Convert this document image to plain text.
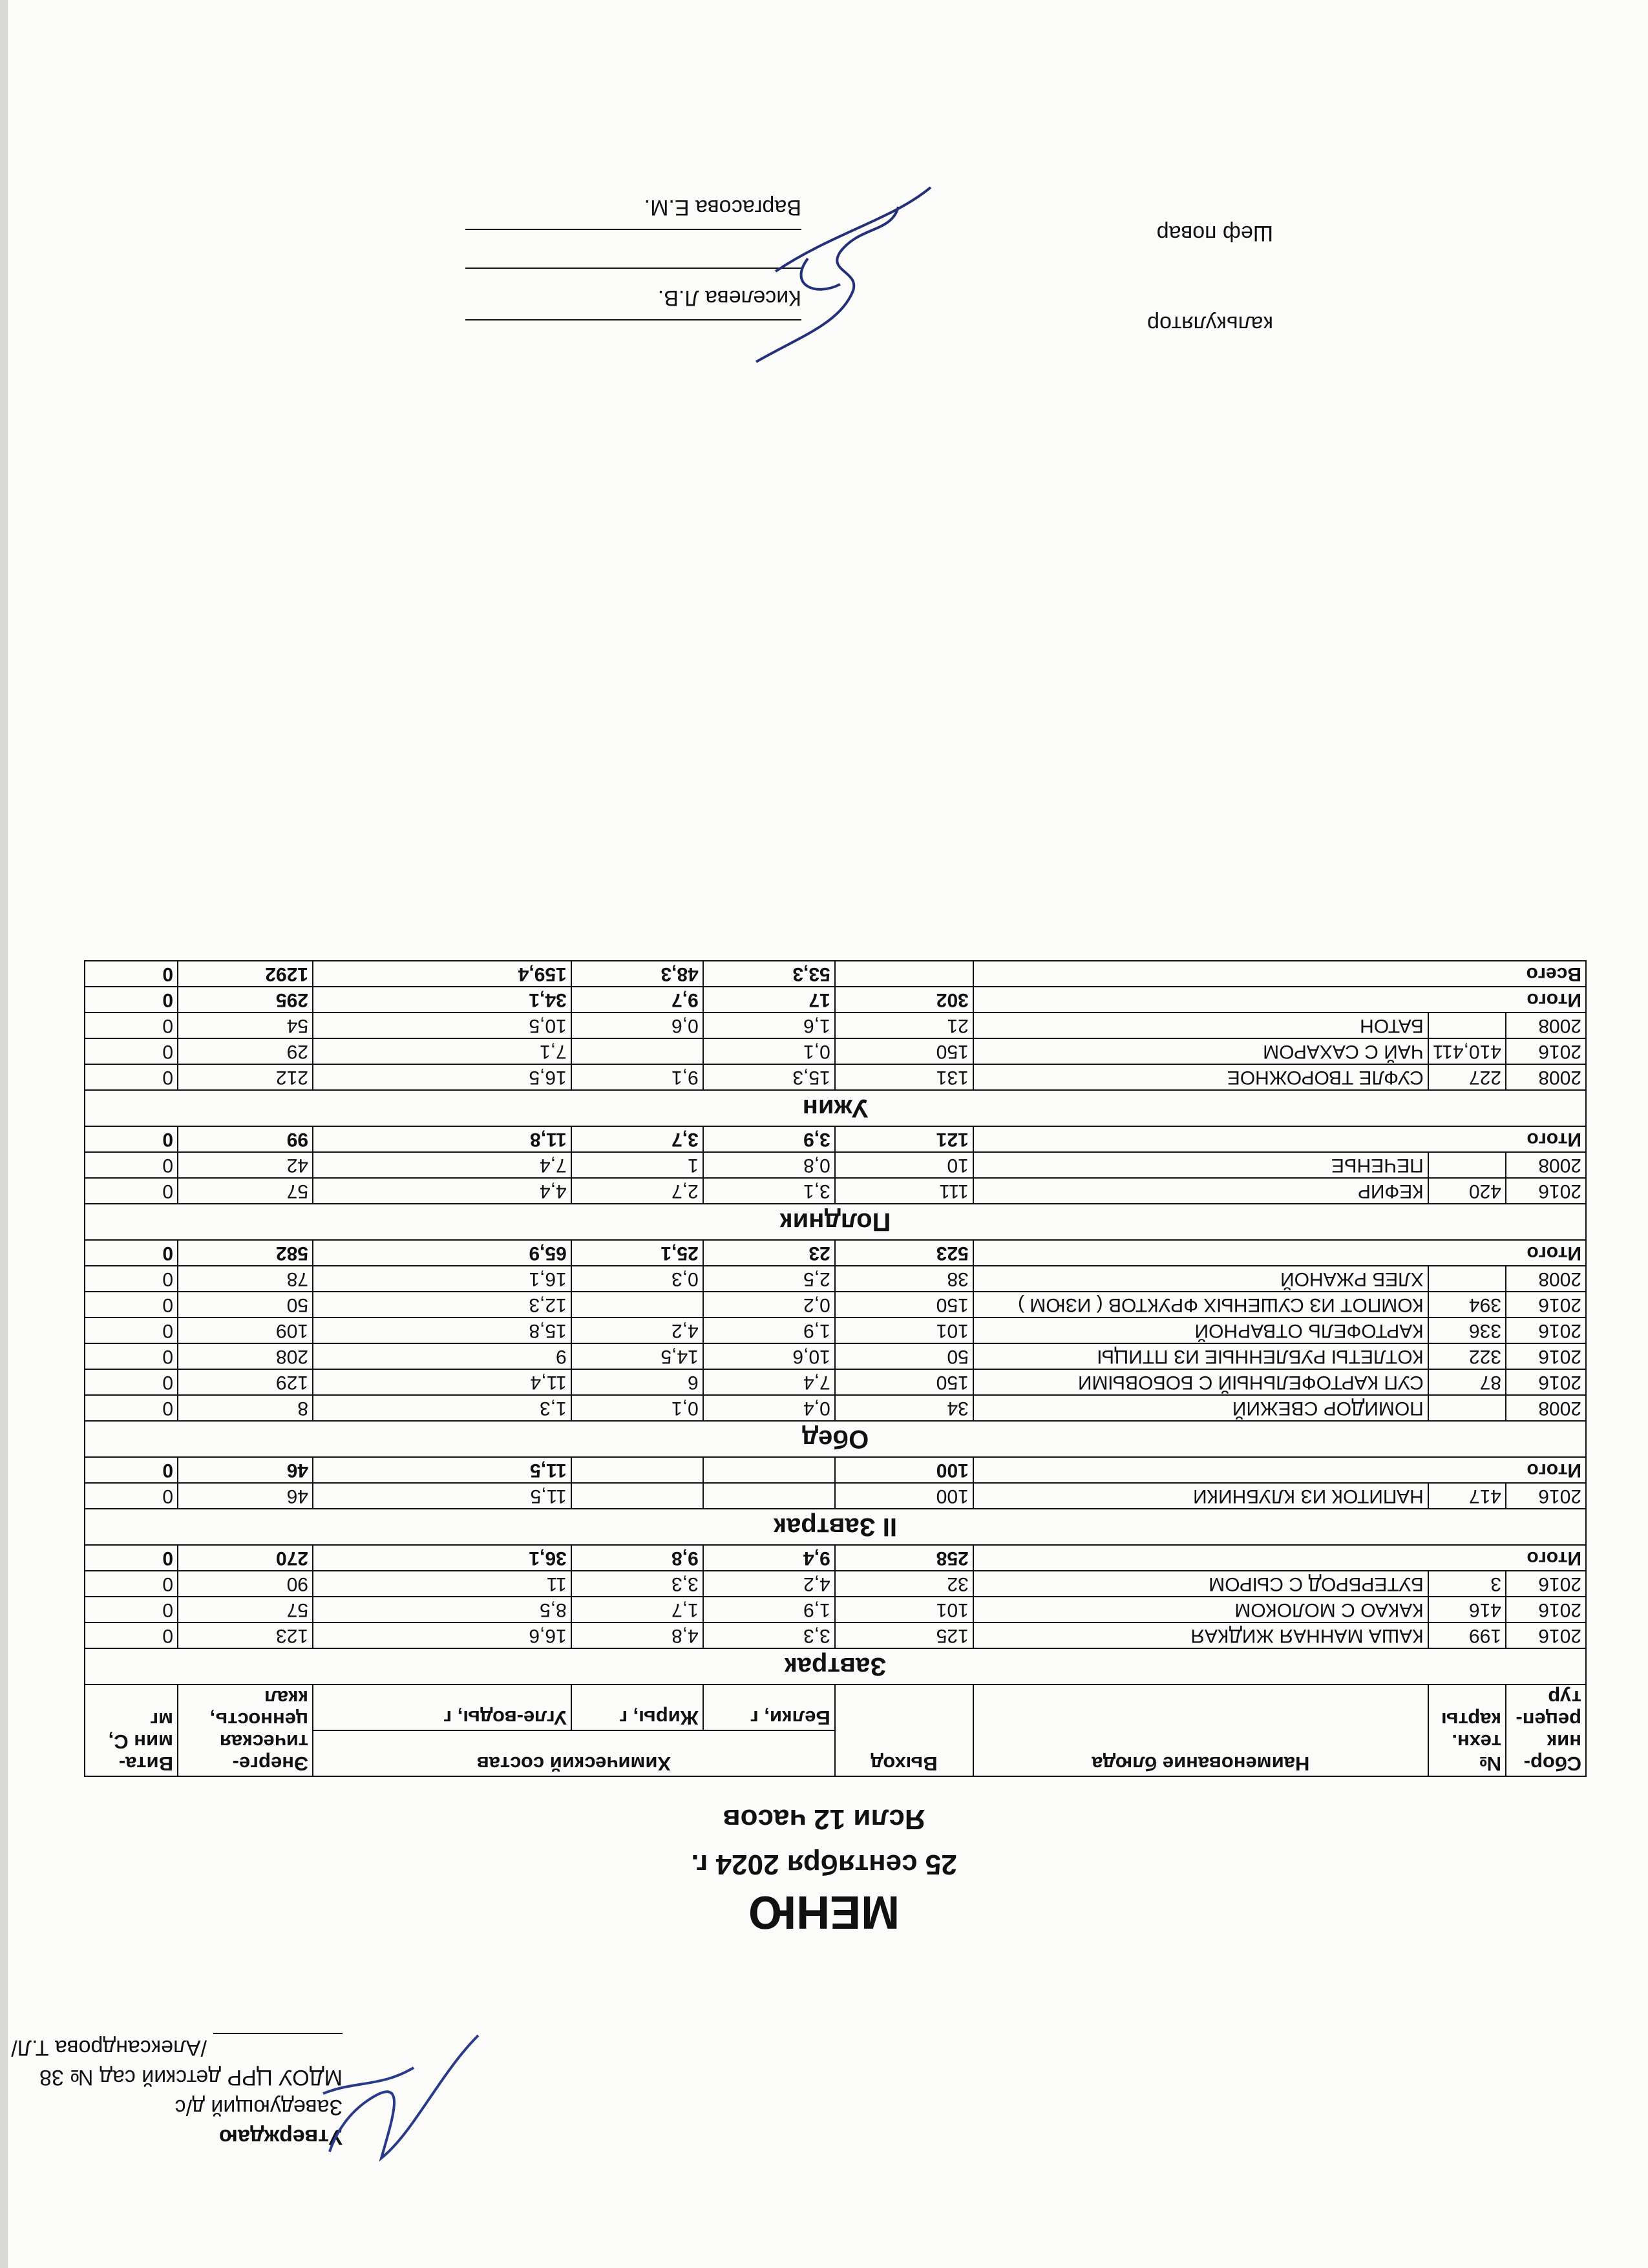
Утверждаю
Заведующий д/с
МДОУ ЦРР детский сад № 38
/Александрова Т.Л/
МЕНЮ
25 сентября 2024 г.
Ясли 12 часов
Сбор-ник рецеп-тур	№ техн. карты	Наименование блюда	Выход	Химический состав			Энерге-тическая ценность, ккал	Вита-мин С, мг
				Белки, г	Жиры, г	Угле-воды, г		
Завтрак								
2016	199	КАША МАННАЯ ЖИДКАЯ	125	3,3	4,8	16,6	123	0
2016	416	КАКАО С МОЛОКОМ	101	1,9	1,7	8,5	57	0
2016	3	БУТЕРБРОД С СЫРОМ	32	4,2	3,3	11	90	0
Итого			258	9,4	9,8	36,1	270	0
II Завтрак								
2016	417	НАПИТОК ИЗ КЛУБНИКИ	100			11,5	46	0
Итого			100			11,5	46	0
Обед								
2008		ПОМИДОР СВЕЖИЙ	34	0,4	0,1	1,3	8	0
2016	87	СУП КАРТОФЕЛЬНЫЙ С БОБОВЫМИ	150	7,4	6	11,4	129	0
2016	322	КОТЛЕТЫ РУБЛЕННЫЕ ИЗ ПТИЦЫ	50	10,6	14,5	9	208	0
2016	336	КАРТОФЕЛЬ ОТВАРНОЙ	101	1,9	4,2	15,8	109	0
2016	394	КОМПОТ ИЗ СУШЕНЫХ ФРУКТОВ ( ИЗЮМ )	150	0,2		12,3	50	0
2008		ХЛЕБ РЖАНОЙ	38	2,5	0,3	16,1	78	0
Итого			523	23	25,1	65,9	582	0
Полдник								
2016	420	КЕФИР	111	3,1	2,7	4,4	57	0
2008		ПЕЧЕНЬЕ	10	0,8	1	7,4	42	0
Итого			121	3,9	3,7	11,8	99	0
Ужин								
2008	227	СУФЛЕ ТВОРОЖНОЕ	131	15,3	9,1	16,5	212	0
2016	410,411	ЧАЙ С САХАРОМ	150	0,1		7,1	29	0
2008		БАТОН	21	1,6	0,6	10,5	54	0
Итого			302	17	9,7	34,1	295	0
Всего				53,3	48,3	159,4	1292	0
калькулятор
Киселева Л.В.
Шеф повар
Варгасова Е.М.
